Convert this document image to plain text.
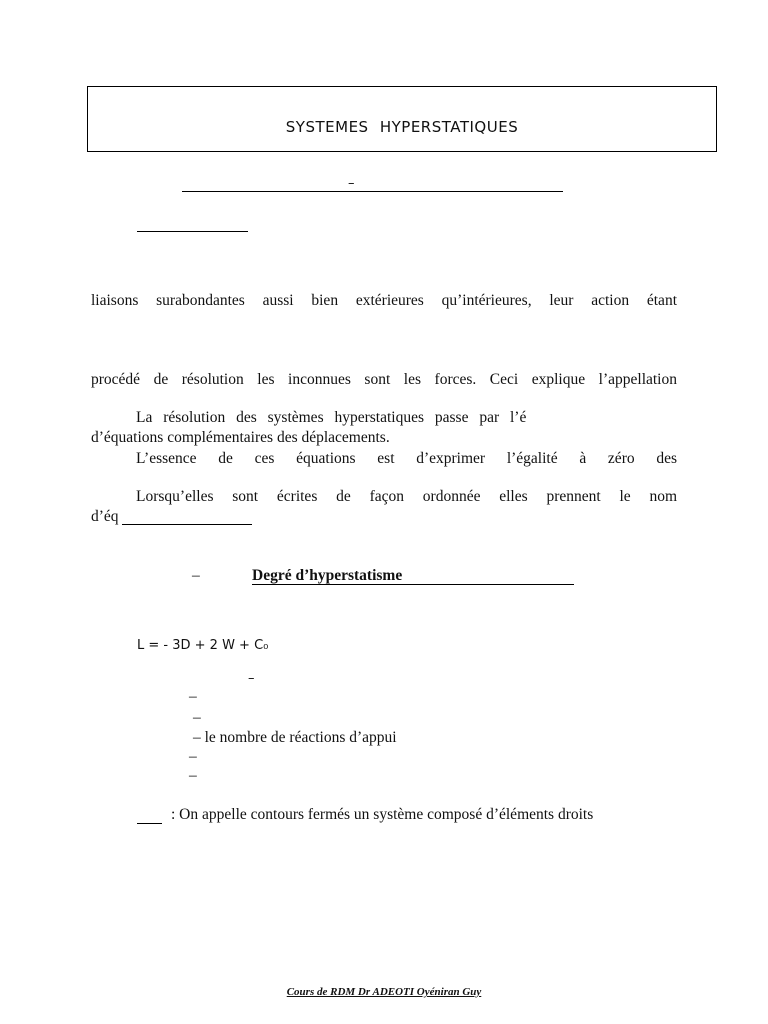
SYSTEMES HYPERSTATIQUES
–
liaisons surabondantes aussi bien extérieures qu’intérieures, leur action étant
procédé de résolution les inconnues sont les forces. Ceci explique l’appellation
La résolution des systèmes hyperstatiques passe par l’é
d’équations complémentaires des déplacements.
L’essence de ces équations est d’exprimer l’égalité à zéro des
Lorsqu’elles sont écrites de façon ordonnée elles prennent le nom
d’éq
–	Degré d’hyperstatisme
L = - 3D + 2 W + C₀
–
–
–
– le nombre de réactions d’appui
–
–
: On appelle contours fermés un système composé d’éléments droits
Cours de RDM Dr ADEOTI Oyéniran Guy
